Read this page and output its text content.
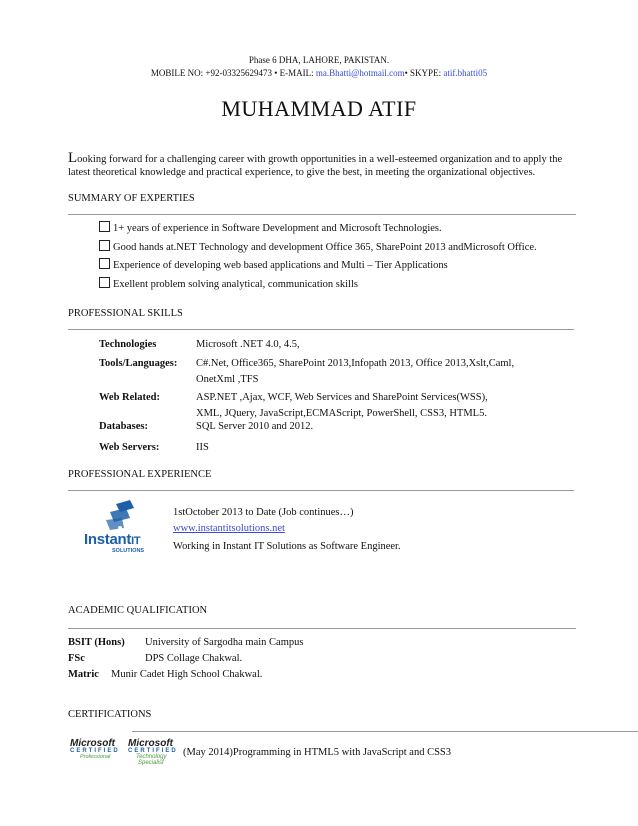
Phase 6 DHA, LAHORE, PAKISTAN.
MOBILE NO: +92-03325629473 • E-MAIL: ma.Bhatti@hotmail.com• SKYPE: atif.bhatti05
MUHAMMAD ATIF
Looking forward for a challenging career with growth opportunities in a well-esteemed organization and to apply the
latest theoretical knowledge and practical experience, to give the best, in meeting the organizational objectives.
SUMMARY OF EXPERTIES
1+ years of experience in Software Development and Microsoft Technologies.
Good hands at.NET Technology and development Office 365, SharePoint 2013 andMicrosoft Office.
Experience of developing web based applications and Multi – Tier Applications
Exellent problem solving analytical, communication skills
PROFESSIONAL SKILLS
Technologies	Microsoft .NET 4.0, 4.5,
Tools/Languages: C#.Net, Office365, SharePoint 2013,Infopath 2013, Office 2013,Xslt,Caml,
OnetXml ,TFS
Web Related:	ASP.NET ,Ajax, WCF, Web Services and SharePoint Services(WSS),
XML, JQuery, JavaScript,ECMAScript, PowerShell, CSS3, HTML5.
Databases:	SQL Server 2010 and 2012.
Web Servers:	IIS
PROFESSIONAL EXPERIENCE
InstantIT
SOLUTIONS
1stOctober 2013 to Date (Job continues…)
www.instantitsolutions.net
Working in Instant IT Solutions as Software Engineer.
ACADEMIC QUALIFICATION
BSIT (Hons) University of Sargodha main Campus
FSc	DPS Collage Chakwal.
Matric Munir Cadet High School Chakwal.
CERTIFICATIONS
Microsoft
CERTIFIED
Professional
Microsoft
CERTIFIED
Technology
Specialist
(May 2014)Programming in HTML5 with JavaScript and CSS3
